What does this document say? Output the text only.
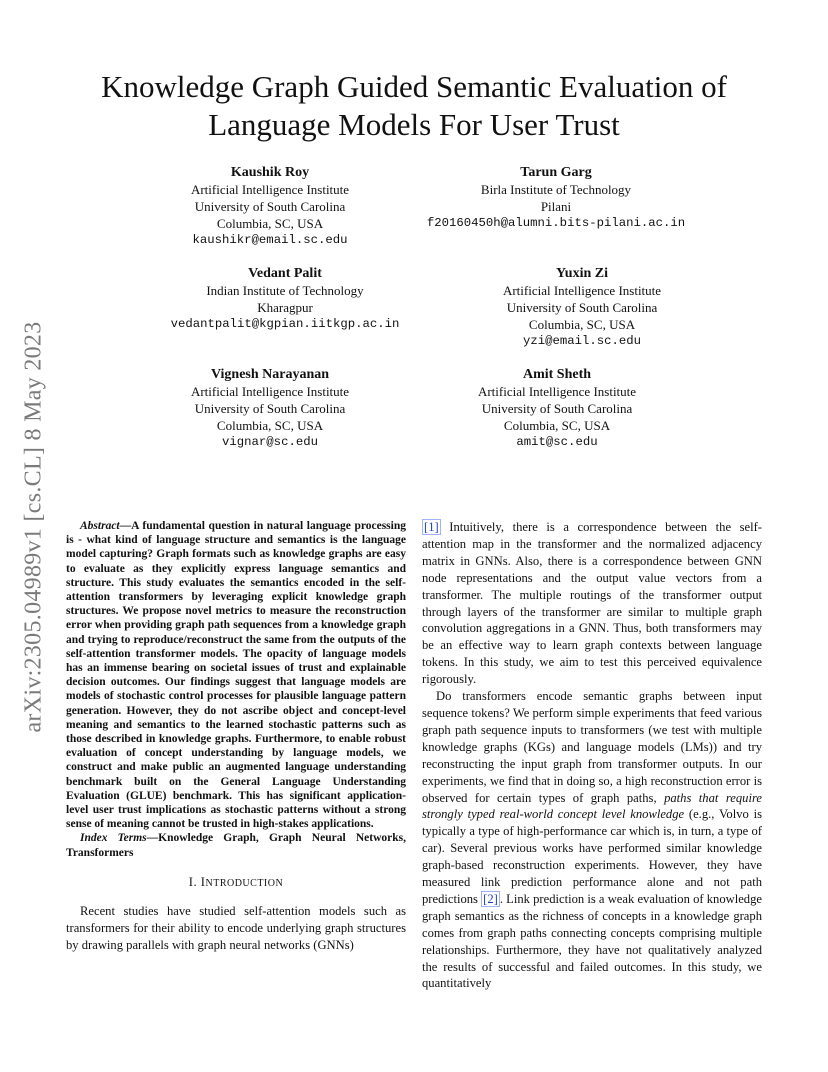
arXiv:2305.04989v1 [cs.CL] 8 May 2023
Knowledge Graph Guided Semantic Evaluation of Language Models For User Trust
Kaushik Roy
Artificial Intelligence Institute
University of South Carolina
Columbia, SC, USA
kaushikr@email.sc.edu
Tarun Garg
Birla Institute of Technology
Pilani
f20160450h@alumni.bits-pilani.ac.in
Vedant Palit
Indian Institute of Technology
Kharagpur
vedantpalit@kgpian.iitkgp.ac.in
Yuxin Zi
Artificial Intelligence Institute
University of South Carolina
Columbia, SC, USA
yzi@email.sc.edu
Vignesh Narayanan
Artificial Intelligence Institute
University of South Carolina
Columbia, SC, USA
vignar@sc.edu
Amit Sheth
Artificial Intelligence Institute
University of South Carolina
Columbia, SC, USA
amit@sc.edu

Abstract—A fundamental question in natural language processing is - what kind of language structure and semantics is the language model capturing? Graph formats such as knowledge graphs are easy to evaluate as they explicitly express language semantics and structure. This study evaluates the semantics encoded in the self-attention transformers by leveraging explicit knowledge graph structures. We propose novel metrics to measure the reconstruction error when providing graph path sequences from a knowledge graph and trying to reproduce/reconstruct the same from the outputs of the self-attention transformer models. The opacity of language models has an immense bearing on societal issues of trust and explainable decision outcomes. Our findings suggest that language models are models of stochastic control processes for plausible language pattern generation. However, they do not ascribe object and concept-level meaning and semantics to the learned stochastic patterns such as those described in knowledge graphs. Furthermore, to enable robust evaluation of concept understanding by language models, we construct and make public an augmented language understanding benchmark built on the General Language Understanding Evaluation (GLUE) benchmark. This has significant application-level user trust implications as stochastic patterns without a strong sense of meaning cannot be trusted in high-stakes applications.

Index Terms—Knowledge Graph, Graph Neural Networks, Transformers

I. INTRODUCTION

Recent studies have studied self-attention models such as transformers for their ability to encode underlying graph structures by drawing parallels with graph neural networks (GNNs)

[1] Intuitively, there is a correspondence between the self-attention map in the transformer and the normalized adjacency matrix in GNNs. Also, there is a correspondence between GNN node representations and the output value vectors from a transformer. The multiple routings of the transformer output through layers of the transformer are similar to multiple graph convolution aggregations in a GNN. Thus, both transformers may be an effective way to learn graph contexts between language tokens. In this study, we aim to test this perceived equivalence rigorously.

Do transformers encode semantic graphs between input sequence tokens? We perform simple experiments that feed various graph path sequence inputs to transformers (we test with multiple knowledge graphs (KGs) and language models (LMs)) and try reconstructing the input graph from transformer outputs. In our experiments, we find that in doing so, a high reconstruction error is observed for certain types of graph paths, paths that require strongly typed real-world concept level knowledge (e.g., Volvo is typically a type of high-performance car which is, in turn, a type of car). Several previous works have performed similar knowledge graph-based reconstruction experiments. However, they have measured link prediction performance alone and not path predictions [2] . Link prediction is a weak evaluation of knowledge graph semantics as the richness of concepts in a knowledge graph comes from graph paths connecting concepts comprising multiple relationships. Furthermore, they have not qualitatively analyzed the results of successful and failed outcomes. In this study, we quantitatively
